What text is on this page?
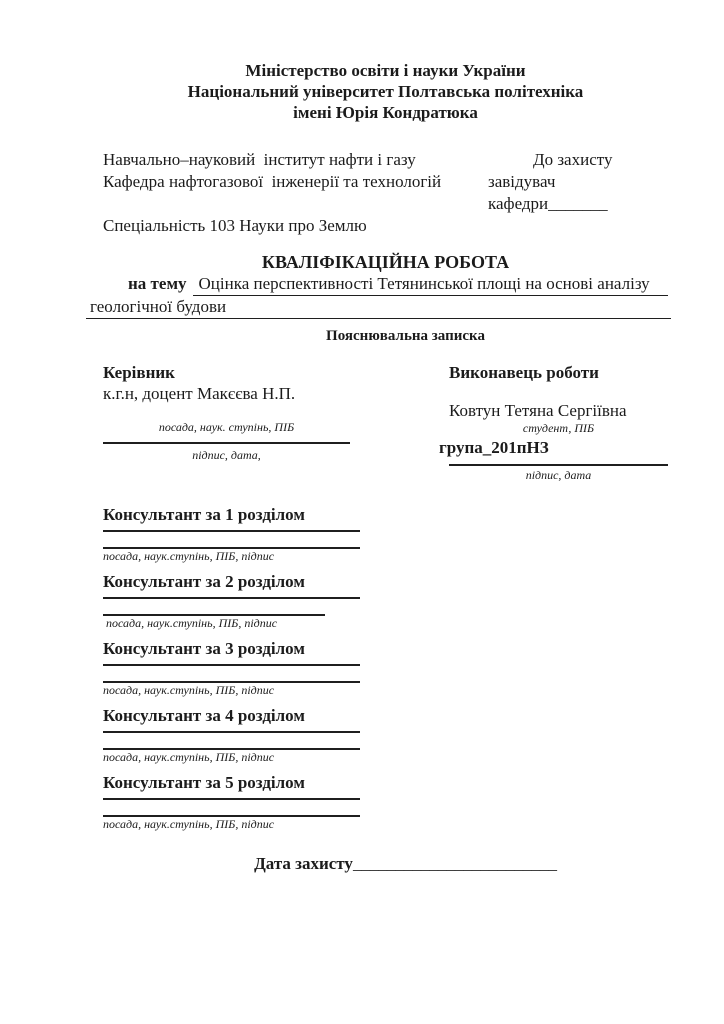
Міністерство освіти і науки України
Національний університет Полтавська політехніка
імені Юрія Кондратюка
Навчально–науковий  інститут нафти і газу	До захисту
Кафедра нафтогазової  інженерії та технологій	завідувач
кафедри_______
Спеціальність 103 Науки про Землю
КВАЛІФІКАЦІЙНА РОБОТА
на тему Оцінка перспективності Тетянинської площі на основі аналізу
геологічної будови
Пояснювальна записка
Керівник
к.г.н, доцент Макєєва Н.П.
посада, наук. ступінь, ПІБ
підпис, дата,
Виконавець роботи
Ковтун Тетяна Сергіївна
студент, ПІБ
група_201пНЗ
підпис, дата
Консультант за 1 розділом
посада, наук.ступінь, ПІБ, підпис
Консультант за 2 розділом
посада, наук.ступінь, ПІБ, підпис
Консультант за 3 розділом
посада, наук.ступінь, ПІБ, підпис
Консультант за 4 розділом
посада, наук.ступінь, ПІБ, підпис
Консультант за 5 розділом
посада, наук.ступінь, ПІБ, підпис
Дата захисту________________________
